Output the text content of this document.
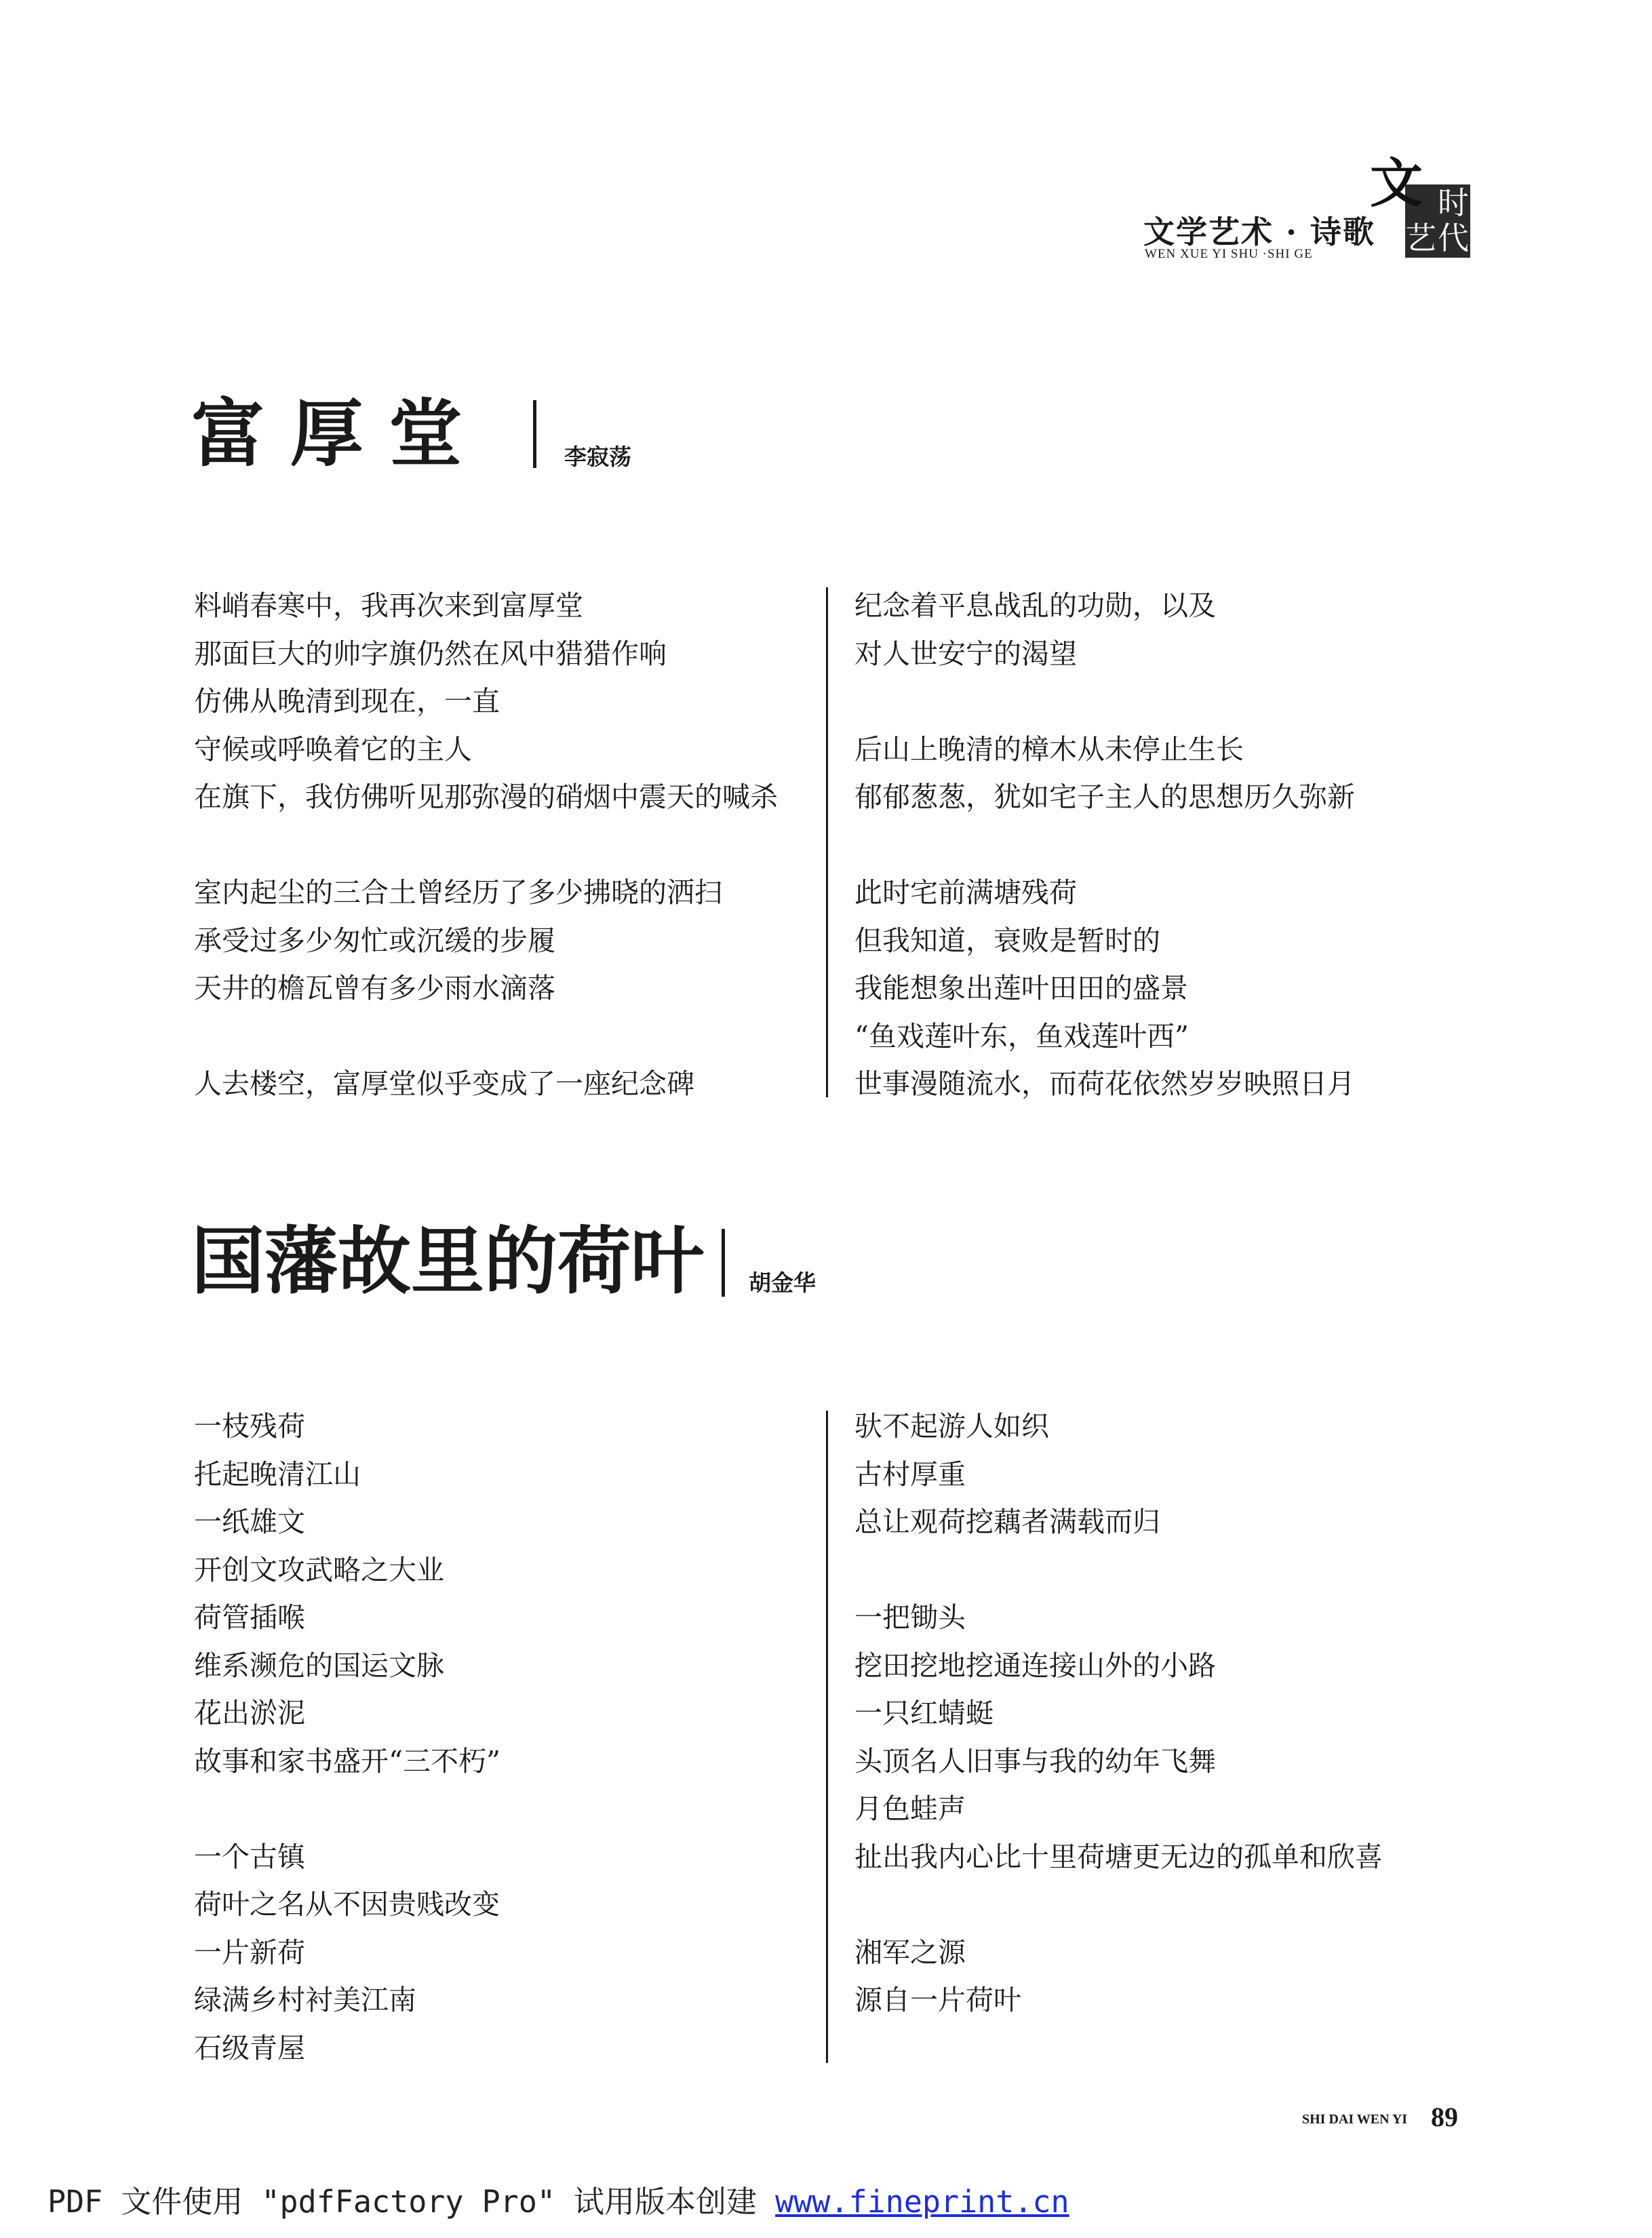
文学艺术 · 诗歌
WEN XUE YI SHU ·SHI GE
文 时
代
艺
富 厚 堂	李寂荡
料峭春寒中，我再次来到富厚堂
那面巨大的帅字旗仍然在风中猎猎作响
仿佛从晚清到现在，一直
守候或呼唤着它的主人
在旗下，我仿佛听见那弥漫的硝烟中震天的喊杀
室内起尘的三合土曾经历了多少拂晓的洒扫
承受过多少匆忙或沉缓的步履
天井的檐瓦曾有多少雨水滴落
人去楼空，富厚堂似乎变成了一座纪念碑
纪念着平息战乱的功勋，以及
对人世安宁的渴望
后山上晚清的樟木从未停止生长
郁郁葱葱，犹如宅子主人的思想历久弥新
此时宅前满塘残荷
但我知道，衰败是暂时的
我能想象出莲叶田田的盛景
“鱼戏莲叶东，鱼戏莲叶西”
世事漫随流水，而荷花依然岁岁映照日月
国藩故里的荷叶 胡金华
一枝残荷
托起晚清江山
一纸雄文
开创文攻武略之大业
荷管插喉
维系濒危的国运文脉
花出淤泥
故事和家书盛开“三不朽”
一个古镇
荷叶之名从不因贵贱改变
一片新荷
绿满乡村衬美江南
石级青屋
驮不起游人如织
古村厚重
总让观荷挖藕者满载而归
一把锄头
挖田挖地挖通连接山外的小路
一只红蜻蜓
头顶名人旧事与我的幼年飞舞
月色蛙声
扯出我内心比十里荷塘更无边的孤单和欣喜
湘军之源
源自一片荷叶
SHI DAI WEN YI 89
PDF 文件使用 "pdfFactory Pro" 试用版本创建 www.fineprint.cn
